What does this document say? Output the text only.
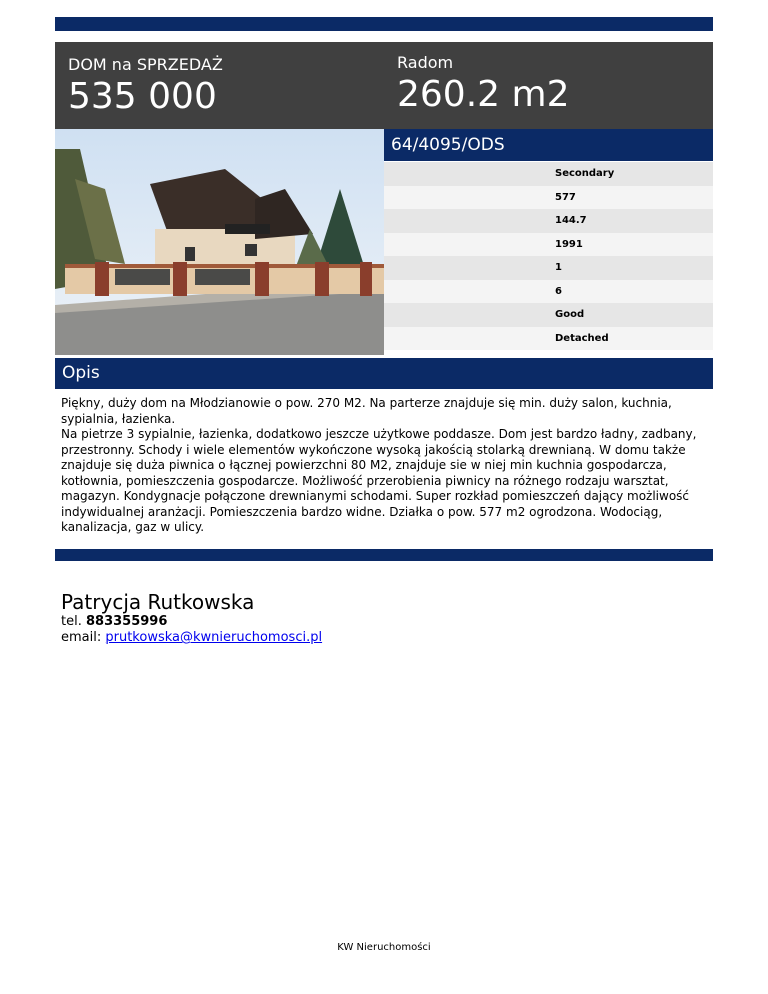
DOM na SPRZEDAŻ
535 000
Radom
260.2 m2
64/4095/ODS
Secondary
577
144.7
1991
1
6
Good
Detached
Opis

Piękny, duży dom na Młodzianowie o pow. 270 M2. Na parterze znajduje się min. duży salon, kuchnia, sypialnia, łazienka.

Na pietrze 3 sypialnie, łazienka, dodatkowo jeszcze użytkowe poddasze. Dom jest bardzo ładny, zadbany, przestronny. Schody i wiele elementów wykończone wysoką jakością stolarką drewnianą. W domu także znajduje się duża piwnica o łącznej powierzchni 80 M2, znajduje sie w niej min kuchnia gospodarcza, kotłownia, pomieszczenia gospodarcze. Możliwość przerobienia piwnicy na różnego rodzaju warsztat, magazyn. Kondygnacje połączone drewnianymi schodami. Super rozkład pomieszczeń dający możliwość indywidualnej aranżacji. Pomieszczenia bardzo widne. Działka o pow. 577 m2 ogrodzona. Wodociąg, kanalizacja, gaz w ulicy.

Patrycja Rutkowska
tel. 883355996
email: prutkowska@kwnieruchomosci.pl
KW Nieruchomości
